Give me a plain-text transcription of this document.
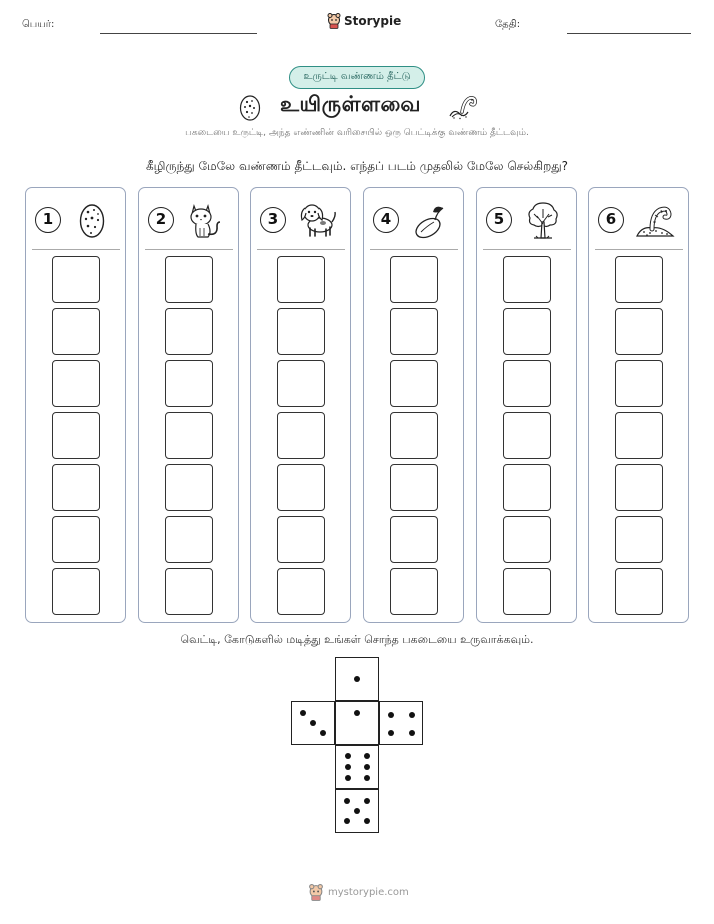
பெயர்:	Storypie	தேதி:
உருட்டி வண்ணம் தீட்டு
உயிருள்ளவை
பகடையை உருட்டி, அந்த எண்ணின் வரிசையில் ஒரு பெட்டிக்கு வண்ணம் தீட்டவும்.
கீழிருந்து மேலே வண்ணம் தீட்டவும். எந்தப் படம் முதலில் மேலே செல்கிறது?
1	2	3	4	5	6
வெட்டி, கோடுகளில் மடித்து உங்கள் சொந்த பகடையை உருவாக்கவும்.
mystorypie.com
